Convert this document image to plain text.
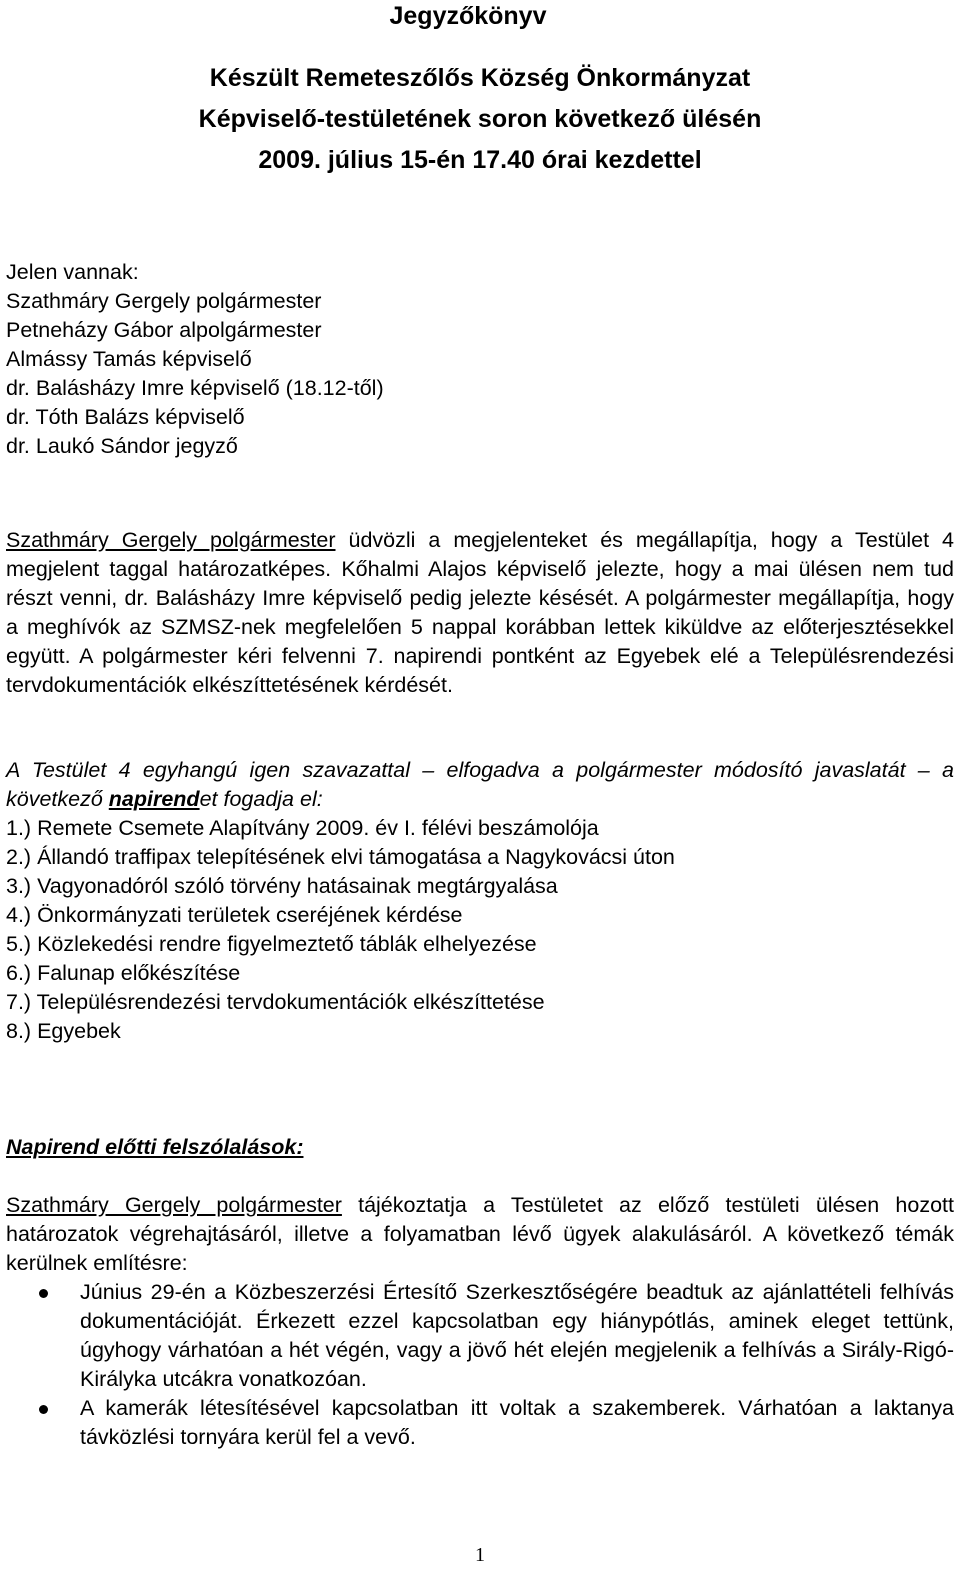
Jegyzőkönyv
Készült Remeteszőlős Község Önkormányzat
Képviselő-testületének soron következő ülésén
2009. július 15-én 17.40 órai kezdettel
Jelen vannak:
Szathmáry Gergely polgármester
Petneházy Gábor alpolgármester
Almássy Tamás képviselő
dr. Balásházy Imre képviselő (18.12-től)
dr. Tóth Balázs képviselő
dr. Laukó Sándor jegyző
Szathmáry Gergely polgármester üdvözli a megjelenteket és megállapítja, hogy a Testület 4 megjelent taggal határozatképes. Kőhalmi Alajos képviselő jelezte, hogy a mai ülésen nem tud részt venni, dr. Balásházy Imre képviselő pedig jelezte késését. A polgármester megállapítja, hogy a meghívók az SZMSZ-nek megfelelően 5 nappal korábban lettek kiküldve az előterjesztésekkel együtt. A polgármester kéri felvenni 7. napirendi pontként az Egyebek elé a Településrendezési tervdokumentációk elkészíttetésének kérdését.
A Testület 4 egyhangú igen szavazattal – elfogadva a polgármester módosító javaslatát – a következő napirendet fogadja el:
1.) Remete Csemete Alapítvány 2009. év I. félévi beszámolója
2.) Állandó traffipax telepítésének elvi támogatása a Nagykovácsi úton
3.) Vagyonadóról szóló törvény hatásainak megtárgyalása
4.) Önkormányzati területek cseréjének kérdése
5.) Közlekedési rendre figyelmeztető táblák elhelyezése
6.) Falunap előkészítése
7.) Településrendezési tervdokumentációk elkészíttetése
8.) Egyebek
Napirend előtti felszólalások:
Szathmáry Gergely polgármester tájékoztatja a Testületet az előző testületi ülésen hozott határozatok végrehajtásáról, illetve a folyamatban lévő ügyek alakulásáról. A következő témák kerülnek említésre:
Június 29-én a Közbeszerzési Értesítő Szerkesztőségére beadtuk az ajánlattételi felhívás dokumentációját. Érkezett ezzel kapcsolatban egy hiánypótlás, aminek eleget tettünk, úgyhogy várhatóan a hét végén, vagy a jövő hét elején megjelenik a felhívás a Sirály-Rigó-Királyka utcákra vonatkozóan.
A kamerák létesítésével kapcsolatban itt voltak a szakemberek. Várhatóan a laktanya távközlési tornyára kerül fel a vevő.
1
